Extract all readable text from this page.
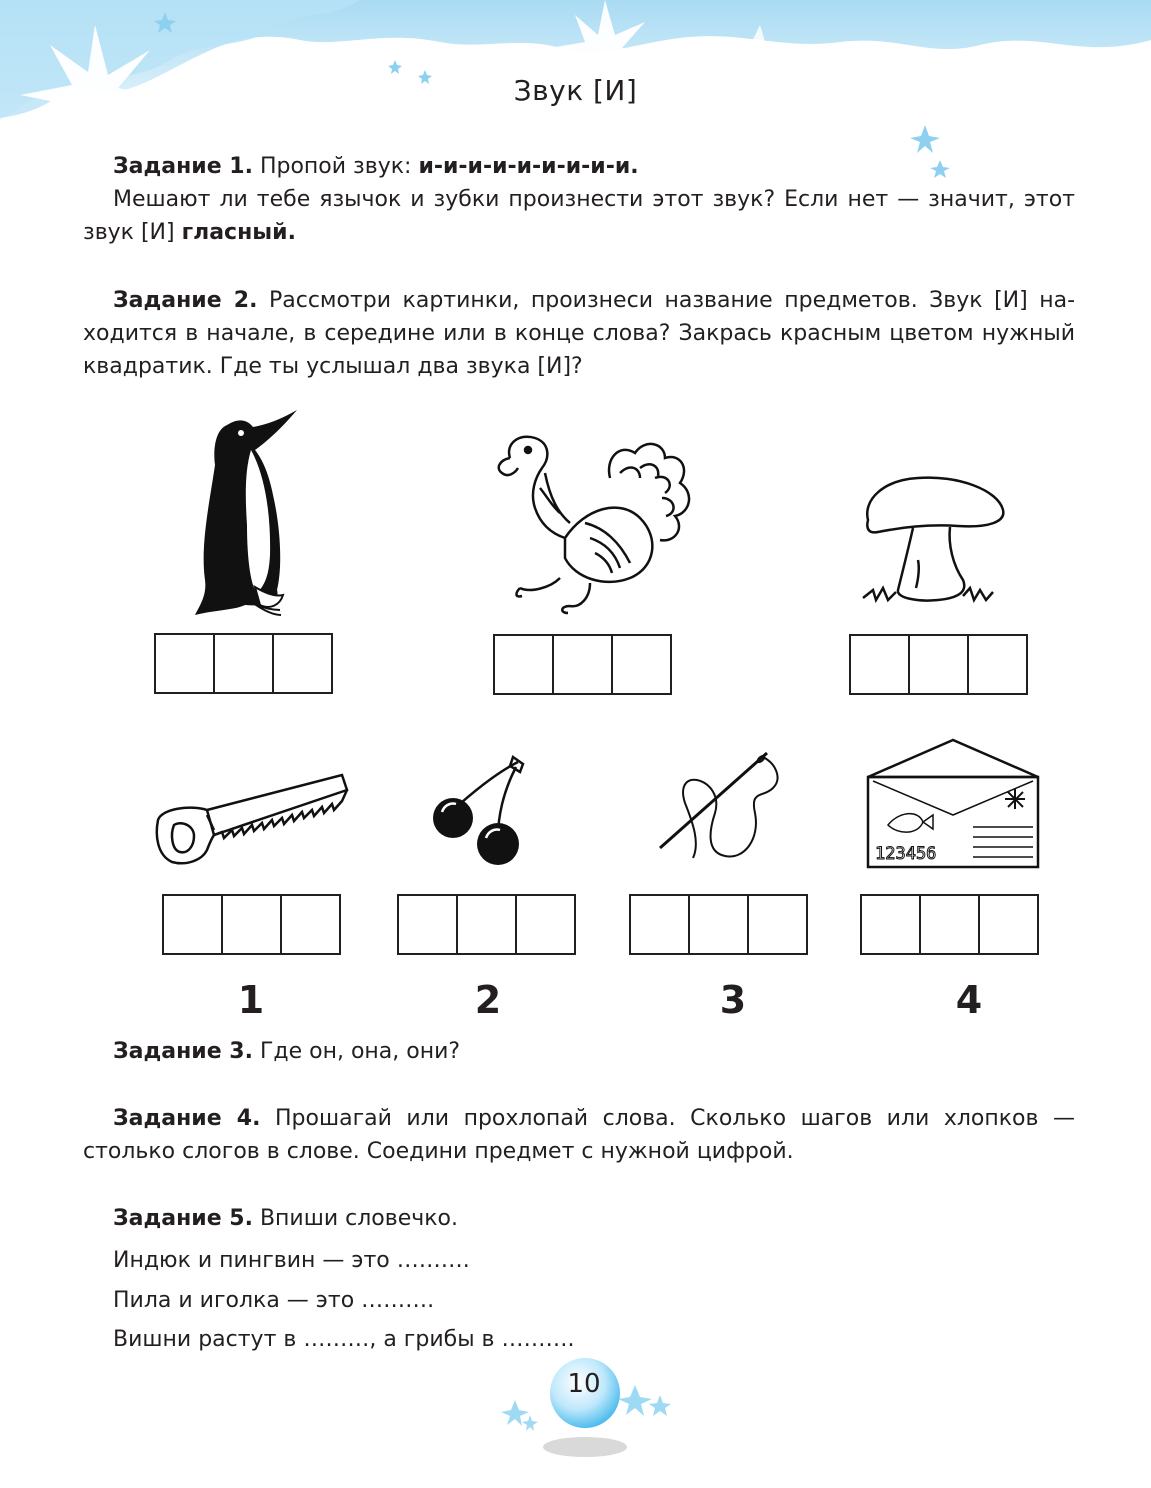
Звук [И]

Задание 1. Пропой звук: и-и-и-и-и-и-и-и-и.
Мешают ли тебе язычок и зубки произнести этот звук? Если нет — значит, этот звук [И] гласный.

Задание 2. Рассмотри картинки, произнеси название предметов. Звук [И] находится в начале, в середине или в конце слова? Закрась красным цветом нужный квадратик. Где ты услышал два звука [И]?

123456
1	2	3	4

Задание 3. Где он, она, они?

Задание 4. Прошагай или прохлопай слова. Сколько шагов или хлопков — столько слогов в слове. Соедини предмет с нужной цифрой.

Задание 5. Впиши словечко.

Индюк и пингвин — это ……….
Пила и иголка — это ……….
Вишни растут в ………, а грибы в ……….
10
